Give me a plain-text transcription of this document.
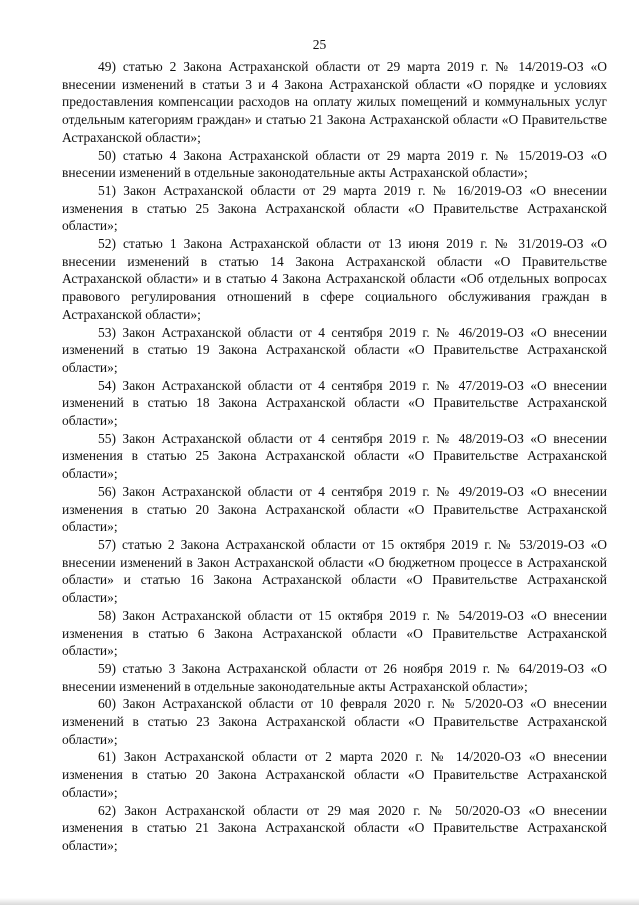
25

49) статью 2 Закона Астраханской области от 29 марта 2019 г. № 14/2019-ОЗ «О внесении изменений в статьи 3 и 4 Закона Астраханской области «О порядке и условиях предоставления компенсации расходов на оплату жилых помещений и коммунальных услуг отдельным категориям граждан» и статью 21 Закона Астраханской области «О Правительстве Астраханской области»;

50) статью 4 Закона Астраханской области от 29 марта 2019 г. № 15/2019-ОЗ «О внесении изменений в отдельные законодательные акты Астраханской области»;

51) Закон Астраханской области от 29 марта 2019 г. № 16/2019-ОЗ «О внесении изменения в статью 25 Закона Астраханской области «О Правительстве Астраханской области»;

52) статью 1 Закона Астраханской области от 13 июня 2019 г. № 31/2019-ОЗ «О внесении изменений в статью 14 Закона Астраханской области «О Правительстве Астраханской области» и в статью 4 Закона Астраханской области «Об отдельных вопросах правового регулирования отношений в сфере социального обслуживания граждан в Астраханской области»;

53) Закон Астраханской области от 4 сентября 2019 г. № 46/2019-ОЗ «О внесении изменений в статью 19 Закона Астраханской области «О Правительстве Астраханской области»;

54) Закон Астраханской области от 4 сентября 2019 г. № 47/2019-ОЗ «О внесении изменений в статью 18 Закона Астраханской области «О Правительстве Астраханской области»;

55) Закон Астраханской области от 4 сентября 2019 г. № 48/2019-ОЗ «О внесении изменения в статью 25 Закона Астраханской области «О Правительстве Астраханской области»;

56) Закон Астраханской области от 4 сентября 2019 г. № 49/2019-ОЗ «О внесении изменения в статью 20 Закона Астраханской области «О Правительстве Астраханской области»;

57) статью 2 Закона Астраханской области от 15 октября 2019 г. № 53/2019-ОЗ «О внесении изменений в Закон Астраханской области «О бюджетном процессе в Астраханской области» и статью 16 Закона Астраханской области «О Правительстве Астраханской области»;

58) Закон Астраханской области от 15 октября 2019 г. № 54/2019-ОЗ «О внесении изменения в статью 6 Закона Астраханской области «О Правительстве Астраханской области»;

59) статью 3 Закона Астраханской области от 26 ноября 2019 г. № 64/2019-ОЗ «О внесении изменений в отдельные законодательные акты Астраханской области»;

60) Закон Астраханской области от 10 февраля 2020 г. № 5/2020-ОЗ «О внесении изменений в статью 23 Закона Астраханской области «О Правительстве Астраханской области»;

61) Закон Астраханской области от 2 марта 2020 г. № 14/2020-ОЗ «О внесении изменения в статью 20 Закона Астраханской области «О Правительстве Астраханской области»;

62) Закон Астраханской области от 29 мая 2020 г. № 50/2020-ОЗ «О внесении изменения в статью 21 Закона Астраханской области «О Правительстве Астраханской области»;
